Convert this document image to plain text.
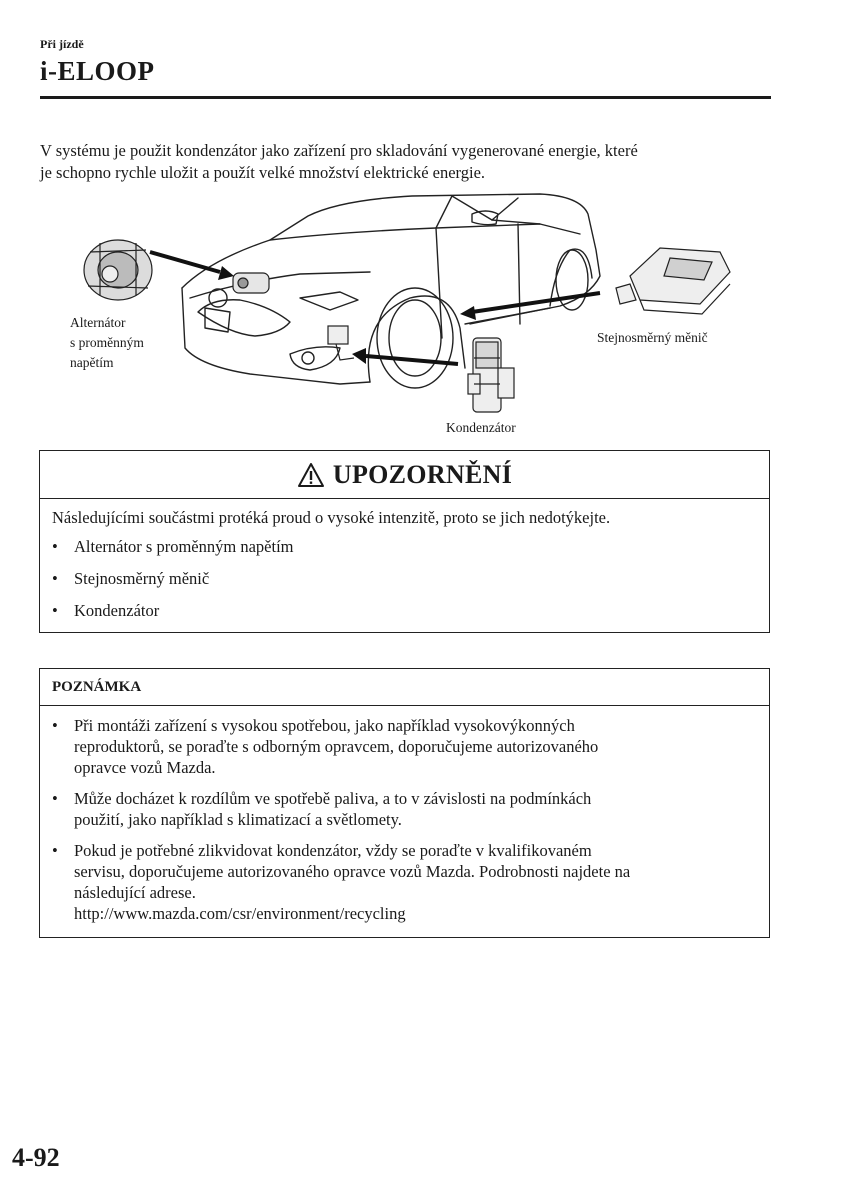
Při jízdě
i-ELOOP
V systému je použit kondenzátor jako zařízení pro skladování vygenerované energie, které
je schopno rychle uložit a použít velké množství elektrické energie.
Alternátor
s proměnným
napětím
Stejnosměrný měnič
Kondenzátor
UPOZORNĚNÍ
Následujícími součástmi protéká proud o vysoké intenzitě, proto se jich nedotýkejte.
• Alternátor s proměnným napětím
• Stejnosměrný měnič
• Kondenzátor
POZNÁMKA
• Při montáži zařízení s vysokou spotřebou, jako například vysokovýkonných
reproduktorů, se poraďte s odborným opravcem, doporučujeme autorizovaného
opravce vozů Mazda.
• Může docházet k rozdílům ve spotřebě paliva, a to v závislosti na podmínkách
použití, jako například s klimatizací a světlomety.
• Pokud je potřebné zlikvidovat kondenzátor, vždy se poraďte v kvalifikovaném
servisu, doporučujeme autorizovaného opravce vozů Mazda. Podrobnosti najdete na
následující adrese.
http://www.mazda.com/csr/environment/recycling
4-92
